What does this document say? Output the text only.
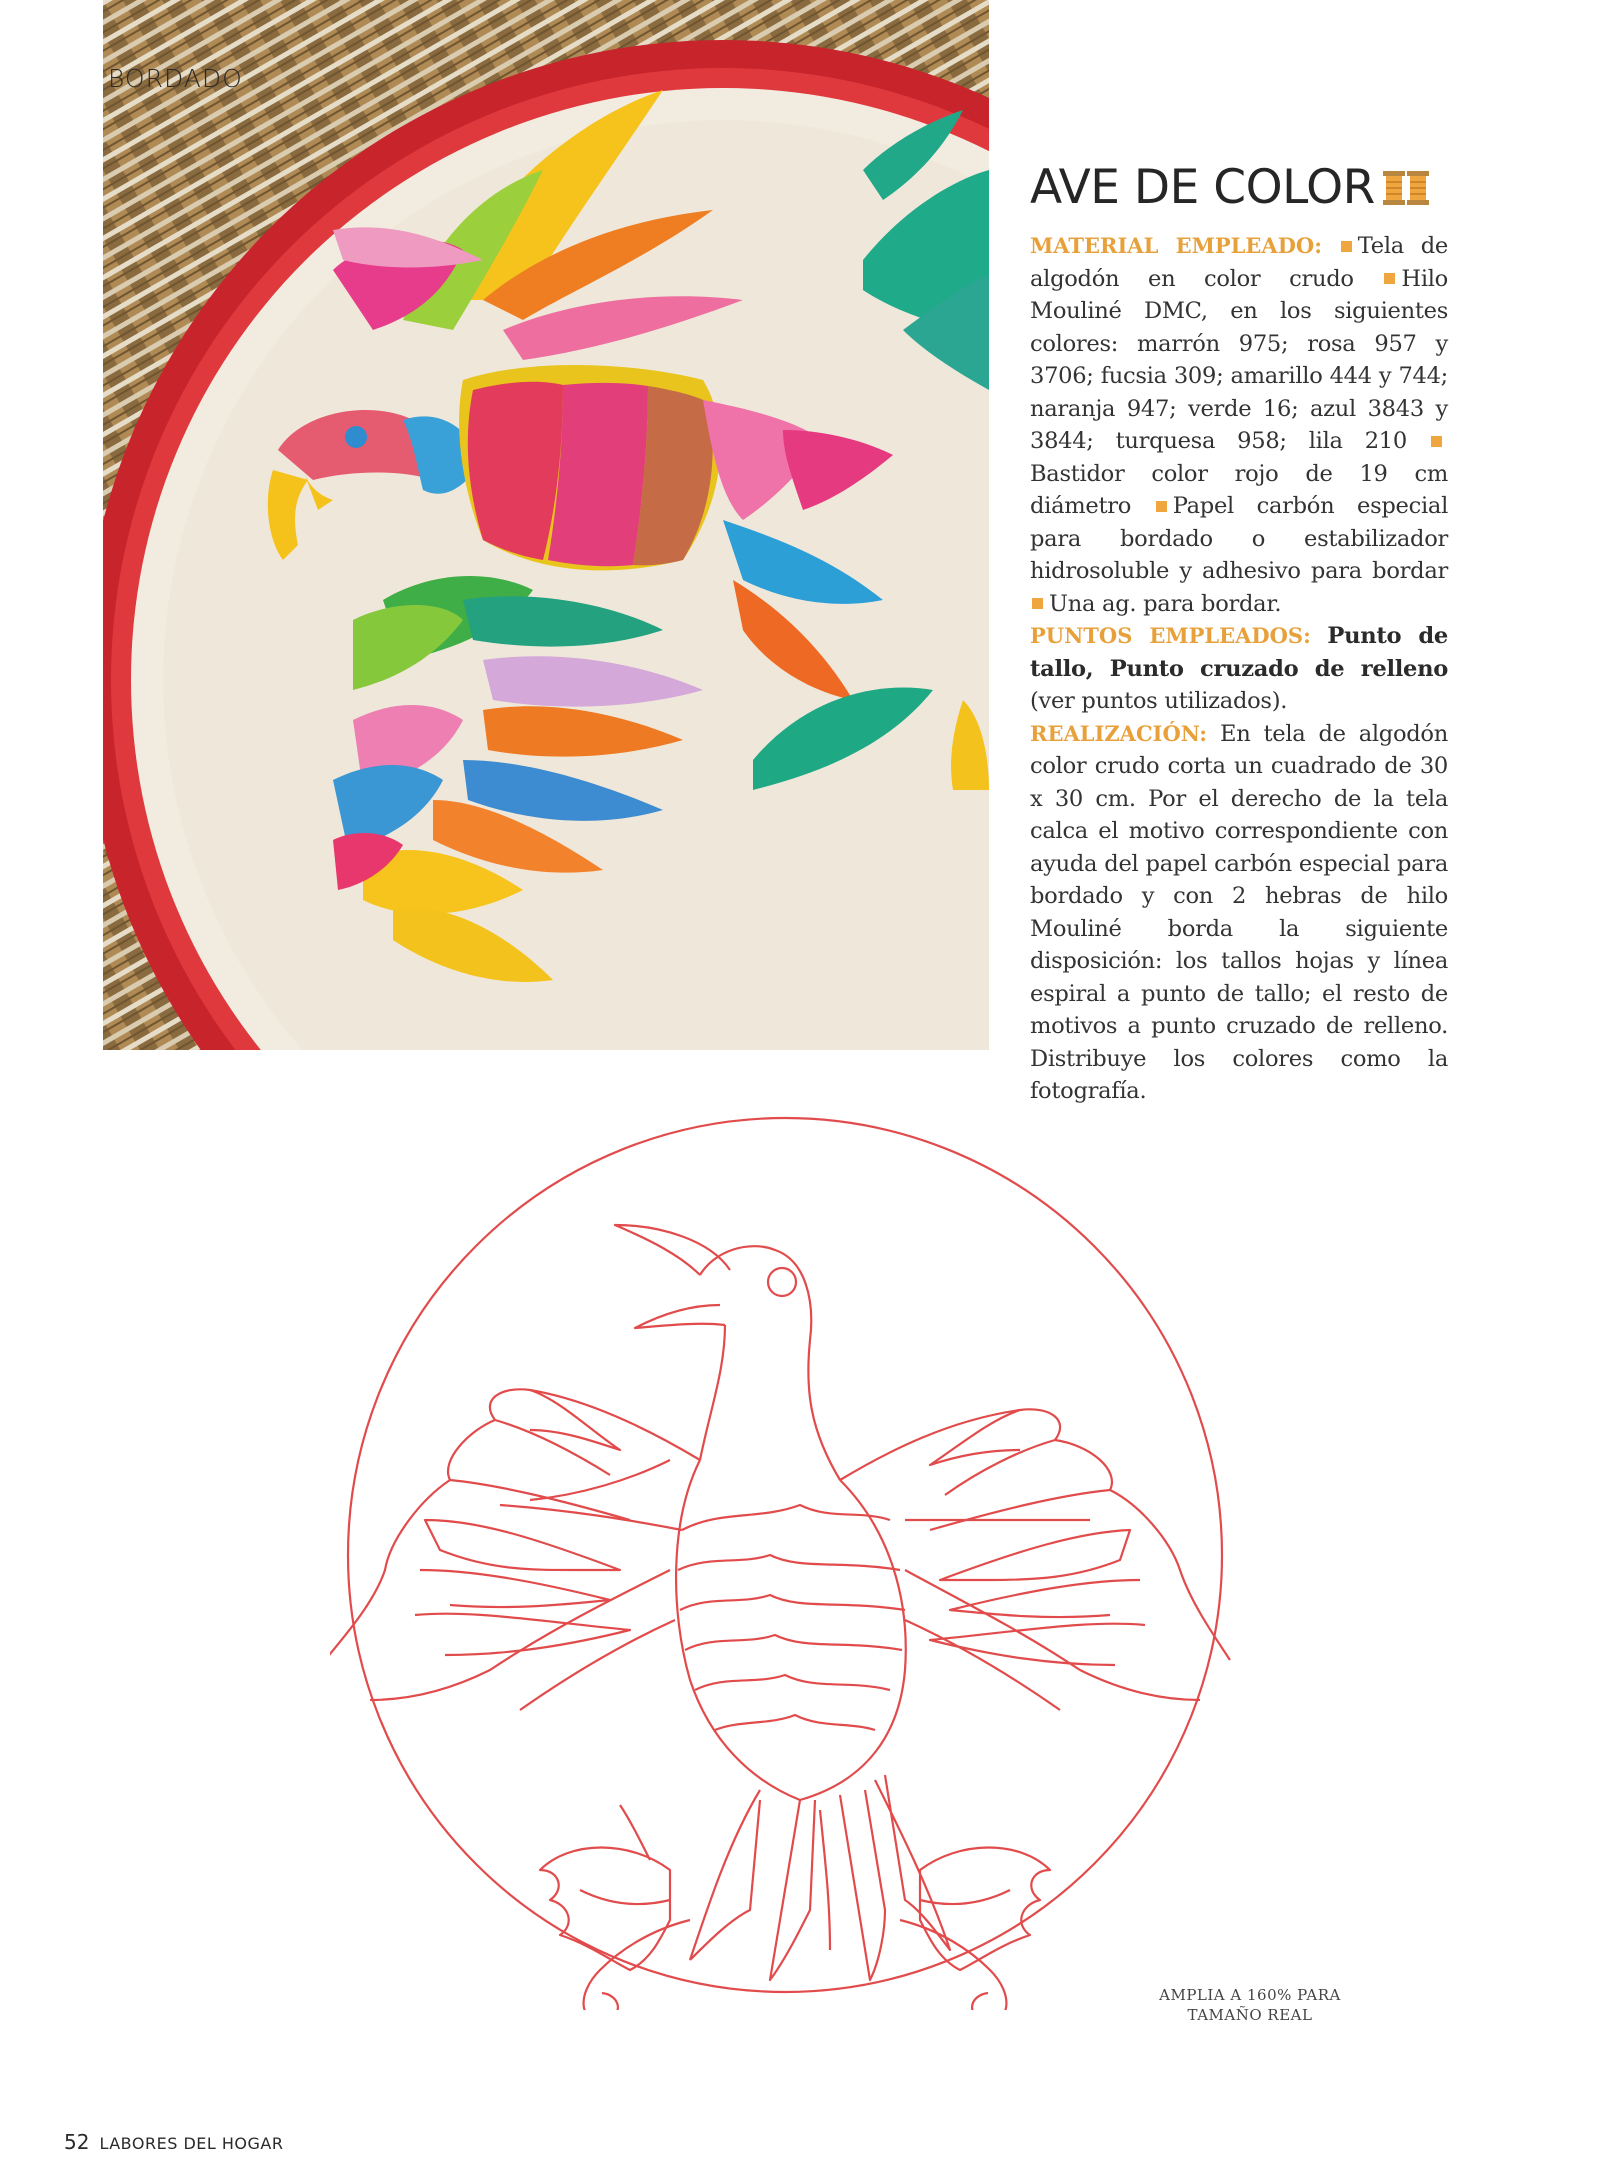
BORDADO
AVE DE COLOR

MATERIAL EMPLEADO: Tela de algodón en color crudo Hilo Mouliné DMC, en los siguientes colores: marrón 975; rosa 957 y 3706; fucsia 309; amarillo 444 y 744; naranja 947; verde 16; azul 3843 y 3844; turquesa 958; lila 210 Bastidor color rojo de 19 cm diámetro Papel carbón especial para bordado o estabilizador hidrosoluble y adhesivo para bordar Una ag. para bordar.
PUNTOS EMPLEADOS: Punto de tallo, Punto cruzado de relleno (ver puntos utilizados).
REALIZACIÓN: En tela de algodón color crudo corta un cuadrado de 30 x 30 cm. Por el derecho de la tela calca el motivo correspondiente con ayuda del papel carbón especial para bordado y con 2 hebras de hilo Mouliné borda la siguiente disposición: los tallos hojas y línea espiral a punto de tallo; el resto de motivos a punto cruzado de relleno. Distribuye los colores como la fotografía.

AMPLIA A 160% PARA
TAMAÑO REAL
52 LABORES DEL HOGAR
